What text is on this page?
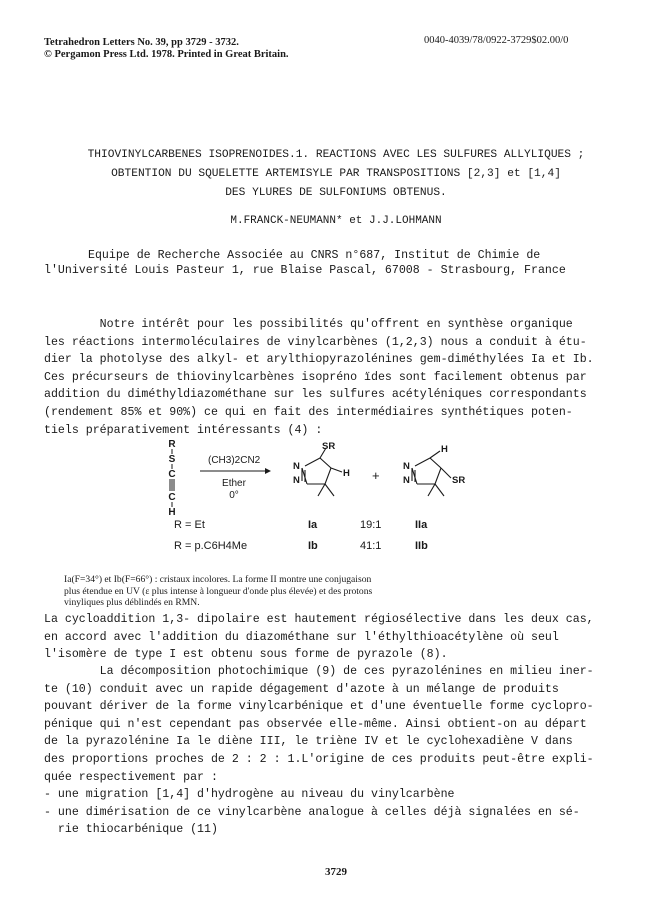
Tetrahedron Letters No. 39, pp 3729 - 3732.
© Pergamon Press Ltd. 1978. Printed in Great Britain.
0040-4039/78/0922-3729$02.00/0
THIOVINYLCARBENES ISOPRENOIDES.1. REACTIONS AVEC LES SULFURES ALLYLIQUES ;
OBTENTION DU SQUELETTE ARTEMISYLE PAR TRANSPOSITIONS [2,3] et [1,4]
DES YLURES DE SULFONIUMS OBTENUS.
M.FRANCK-NEUMANN* et J.J.LOHMANN
Equipe de Recherche Associée au CNRS n°687, Institut de Chimie de
l'Université Louis Pasteur 1, rue Blaise Pascal, 67008 - Strasbourg, France
Notre intérêt pour les possibilités qu'offrent en synthèse organique
les réactions intermoléculaires de vinylcarbènes (1,2,3) nous a conduit à étu-
dier la photolyse des alkyl- et arylthiopyrazolénines gem-diméthylées Ia et Ib.
Ces précurseurs de thiovinylcarbènes isopréno ïdes sont facilement obtenus par
addition du diméthyldiazométhane sur les sulfures acétyléniques correspondants
(rendement 85% et 90%) ce qui en fait des intermédiaires synthétiques poten-
tiels préparativement intéressants (4) :
R
S
C
C
H
(CH3)2CN2
Ether
0°
SR
N
N
H +
H
N
N	SR
R = Et	Ia	19:1	IIa
R = p.C6H4Me	Ib	41:1	IIb
Ia(F=34°) et Ib(F=66°) : cristaux incolores. La forme II montre une conjugaison
plus étendue en UV (ε plus intense à longueur d'onde plus élevée) et des protons
vinyliques plus déblindés en RMN.
La cycloaddition 1,3- dipolaire est hautement régiosélective dans les deux cas,
en accord avec l'addition du diazométhane sur l'éthylthioacétylène où seul
l'isomère de type I est obtenu sous forme de pyrazole (8).
La décomposition photochimique (9) de ces pyrazolénines en milieu iner-
te (10) conduit avec un rapide dégagement d'azote à un mélange de produits
pouvant dériver de la forme vinylcarbénique et d'une éventuelle forme cyclopro-
pénique qui n'est cependant pas observée elle-même. Ainsi obtient-on au départ
de la pyrazolénine Ia le diène III, le triène IV et le cyclohexadiène V dans
des proportions proches de 2 : 2 : 1.L'origine de ces produits peut-être expli-
quée respectivement par :
- une migration [1,4] d'hydrogène au niveau du vinylcarbène
- une dimérisation de ce vinylcarbène analogue à celles déjà signalées en sé-
rie thiocarbénique (11)
3729
